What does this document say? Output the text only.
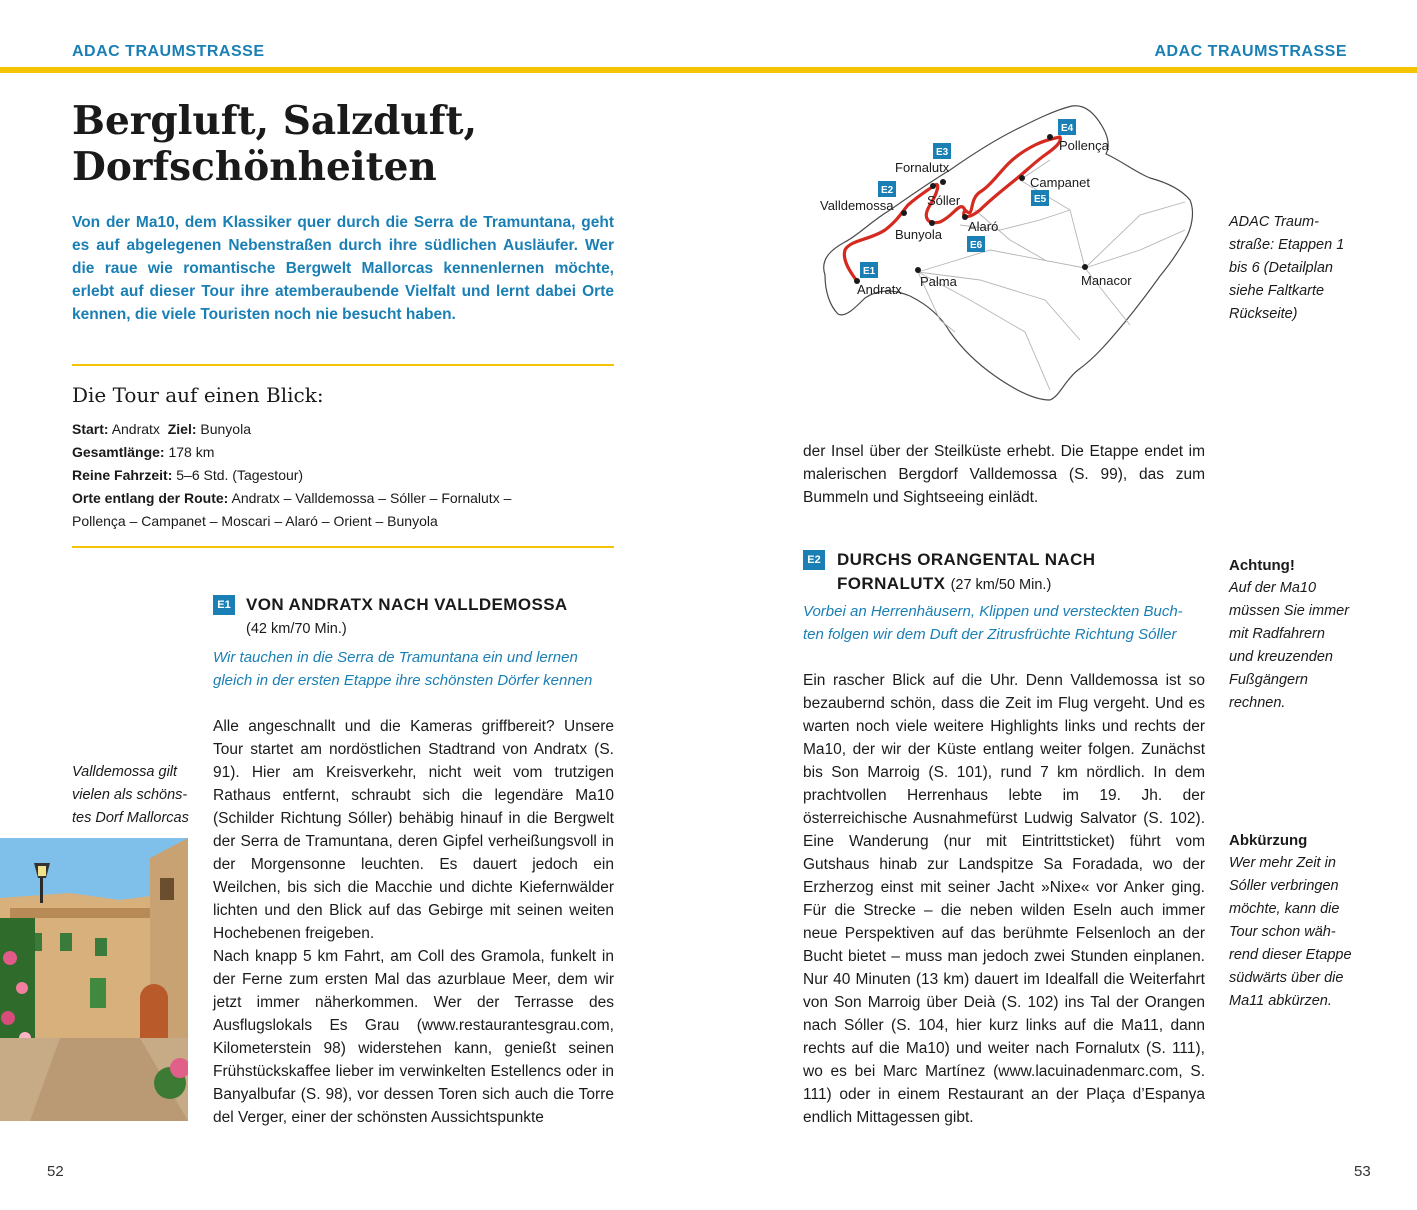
ADAC TRAUMSTRASSE	ADAC TRAUMSTRASSE
Bergluft, Salzduft,
Dorfschönheiten
Von der Ma10, dem Klassiker quer durch die Serra de Tramuntana, geht es auf abgelegenen Nebenstraßen durch ihre südlichen Ausläufer. Wer die raue wie romantische Bergwelt Mallorcas kennenlernen möchte, erlebt auf dieser Tour ihre atemberaubende Vielfalt und lernt dabei Orte kennen, die viele Touristen noch nie besucht haben.
Die Tour auf einen Blick:
Start: Andratx Ziel: Bunyola
Gesamtlänge: 178 km
Reine Fahrzeit: 5–6 Std. (Tagestour)
Orte entlang der Route: Andratx – Valldemossa – Sóller – Fornalutx –
Pollença – Campanet – Moscari – Alaró – Orient – Bunyola
Valldemossa gilt
vielen als schöns-
tes Dorf Mallorcas
E1 VON ANDRATX NACH VALLDEMOSSA
(42 km/70 Min.)
Wir tauchen in die Serra de Tramuntana ein und lernen
gleich in der ersten Etappe ihre schönsten Dörfer kennen

Alle angeschnallt und die Kameras griffbereit? Unsere Tour startet am nordöstlichen Stadtrand von Andratx (S. 91). Hier am Kreisverkehr, nicht weit vom trutzigen Rathaus entfernt, schraubt sich die legendäre Ma10 (Schilder Richtung Sóller) behäbig hinauf in die Bergwelt der Serra de Tramuntana, deren Gipfel verheißungsvoll in der Morgensonne leuchten. Es dauert jedoch ein Weilchen, bis sich die Macchie und dichte Kiefernwälder lichten und den Blick auf das Gebirge mit seinen weiten Hochebenen freigeben.

Nach knapp 5 km Fahrt, am Coll des Gramola, funkelt in der Ferne zum ersten Mal das azurblaue Meer, dem wir jetzt immer näherkommen. Wer der Terrasse des Ausflugslokals Es Grau (www.restaurantesgrau.com, Kilometerstein 98) widerstehen kann, genießt seinen Frühstückskaffee lieber im verwinkelten Estellencs oder in Banyalbufar (S. 98), vor dessen Toren sich auch die Torre del Verger, einer der schönsten Aussichtspunkte

52
Andratx
Valldemossa
Fornalutx
Sóller
Bunyola
Alaró
Campanet
Pollença
Palma	Manacor
E1
E2
E3
E4
E5
E6
ADAC Traum-
straße: Etappen 1
bis 6 (Detailplan
siehe Faltkarte
Rückseite)
der Insel über der Steilküste erhebt. Die Etappe endet im malerischen Bergdorf Valldemossa (S. 99), das zum Bummeln und Sightseeing einlädt.
E2 DURCHS ORANGENTAL NACH
FORNALUTX (27 km/50 Min.)
Vorbei an Herrenhäusern, Klippen und versteckten Buch-
ten folgen wir dem Duft der Zitrusfrüchte Richtung Sóller

Ein rascher Blick auf die Uhr. Denn Valldemossa ist so bezaubernd schön, dass die Zeit im Flug vergeht. Und es warten noch viele weitere Highlights links und rechts der Ma10, der wir der Küste entlang weiter folgen. Zunächst bis Son Marroig (S. 101), rund 7 km nördlich. In dem prachtvollen Herrenhaus lebte im 19. Jh. der österreichische Ausnahmefürst Ludwig Salvator (S. 102). Eine Wanderung (nur mit Eintrittsticket) führt vom Gutshaus hinab zur Landspitze Sa Foradada, wo der Erzherzog einst mit seiner Jacht »Nixe« vor Anker ging. Für die Strecke – die neben wilden Eseln auch immer neue Perspektiven auf das berühmte Felsenloch an der Bucht bietet – muss man jedoch zwei Stunden einplanen. Nur 40 Minuten (13 km) dauert im Idealfall die Weiterfahrt von Son Marroig über Deià (S. 102) ins Tal der Orangen nach Sóller (S. 104, hier kurz links auf die Ma11, dann rechts auf die Ma10) und weiter nach Fornalutx (S. 111), wo es bei Marc Martínez (www.lacuinadenmarc.com, S. 111) oder in einem Restaurant an der Plaça d’Espanya endlich Mittagessen gibt.

Achtung!
Auf der Ma10
müssen Sie immer
mit Radfahrern
und kreuzenden
Fußgängern
rechnen.
Abkürzung
Wer mehr Zeit in
Sóller verbringen
möchte, kann die
Tour schon wäh-
rend dieser Etappe
südwärts über die
Ma11 abkürzen.
53
